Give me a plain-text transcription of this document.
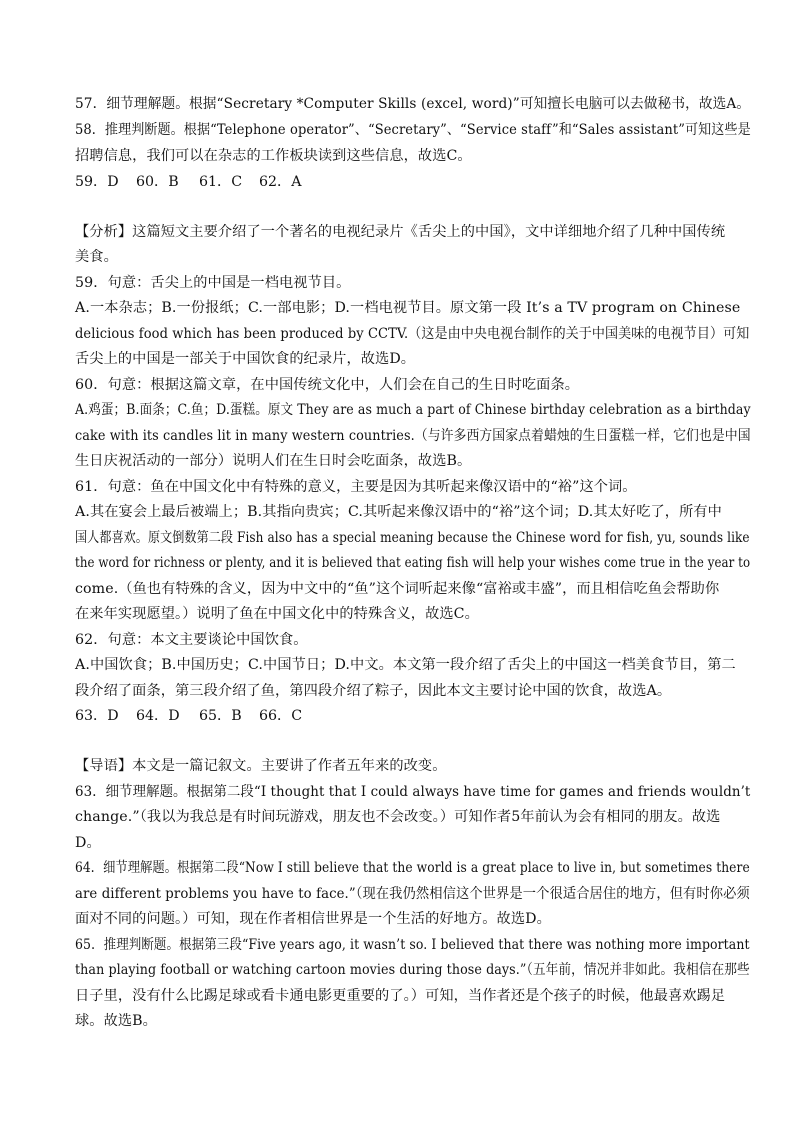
57．细节理解题。根据“Secretary *Computer Skills (excel, word)”可知擅长电脑可以去做秘书，故选A。
58．推理判断题。根据“Telephone operator”、“Secretary”、“Service staff”和“Sales assistant”可知这些是
招聘信息，我们可以在杂志的工作板块读到这些信息，故选C。
59．D 60．B 61．C 62．A
【分析】这篇短文主要介绍了一个著名的电视纪录片《舌尖上的中国》，文中详细地介绍了几种中国传统
美食。
59．句意：舌尖上的中国是一档电视节目。
A.一本杂志；B.一份报纸；C.一部电影；D.一档电视节目。原文第一段 It’s a TV program on Chinese
delicious food which has been produced by CCTV.（这是由中央电视台制作的关于中国美味的电视节目）可知
舌尖上的中国是一部关于中国饮食的纪录片，故选D。
60．句意：根据这篇文章，在中国传统文化中，人们会在自己的生日时吃面条。
A.鸡蛋；B.面条；C.鱼；D.蛋糕。原文 They are as much a part of Chinese birthday celebration as a birthday
cake with its candles lit in many western countries.（与许多西方国家点着蜡烛的生日蛋糕一样，它们也是中国
生日庆祝活动的一部分）说明人们在生日时会吃面条，故选B。
61．句意：鱼在中国文化中有特殊的意义，主要是因为其听起来像汉语中的“裕”这个词。
A.其在宴会上最后被端上；B.其指向贵宾；C.其听起来像汉语中的“裕”这个词；D.其太好吃了，所有中
国人都喜欢。原文倒数第二段 Fish also has a special meaning because the Chinese word for fish, yu, sounds like
the word for richness or plenty, and it is believed that eating fish will help your wishes come true in the year to
come.（鱼也有特殊的含义，因为中文中的“鱼”这个词听起来像“富裕或丰盛”，而且相信吃鱼会帮助你
在来年实现愿望。）说明了鱼在中国文化中的特殊含义，故选C。
62．句意：本文主要谈论中国饮食。
A.中国饮食；B.中国历史；C.中国节日；D.中文。本文第一段介绍了舌尖上的中国这一档美食节目，第二
段介绍了面条，第三段介绍了鱼，第四段介绍了粽子，因此本文主要讨论中国的饮食，故选A。
63．D 64．D 65．B 66．C
【导语】本文是一篇记叙文。主要讲了作者五年来的改变。
63．细节理解题。根据第二段“I thought that I could always have time for games and friends wouldn’t
change.”（我以为我总是有时间玩游戏，朋友也不会改变。）可知作者5年前认为会有相同的朋友。故选
D。
64．细节理解题。根据第二段“Now I still believe that the world is a great place to live in, but sometimes there
are different problems you have to face.”（现在我仍然相信这个世界是一个很适合居住的地方，但有时你必须
面对不同的问题。）可知，现在作者相信世界是一个生活的好地方。故选D。
65．推理判断题。根据第三段“Five years ago, it wasn’t so. I believed that there was nothing more important
than playing football or watching cartoon movies during those days.”（五年前，情况并非如此。我相信在那些
日子里，没有什么比踢足球或看卡通电影更重要的了。）可知，当作者还是个孩子的时候，他最喜欢踢足
球。故选B。
